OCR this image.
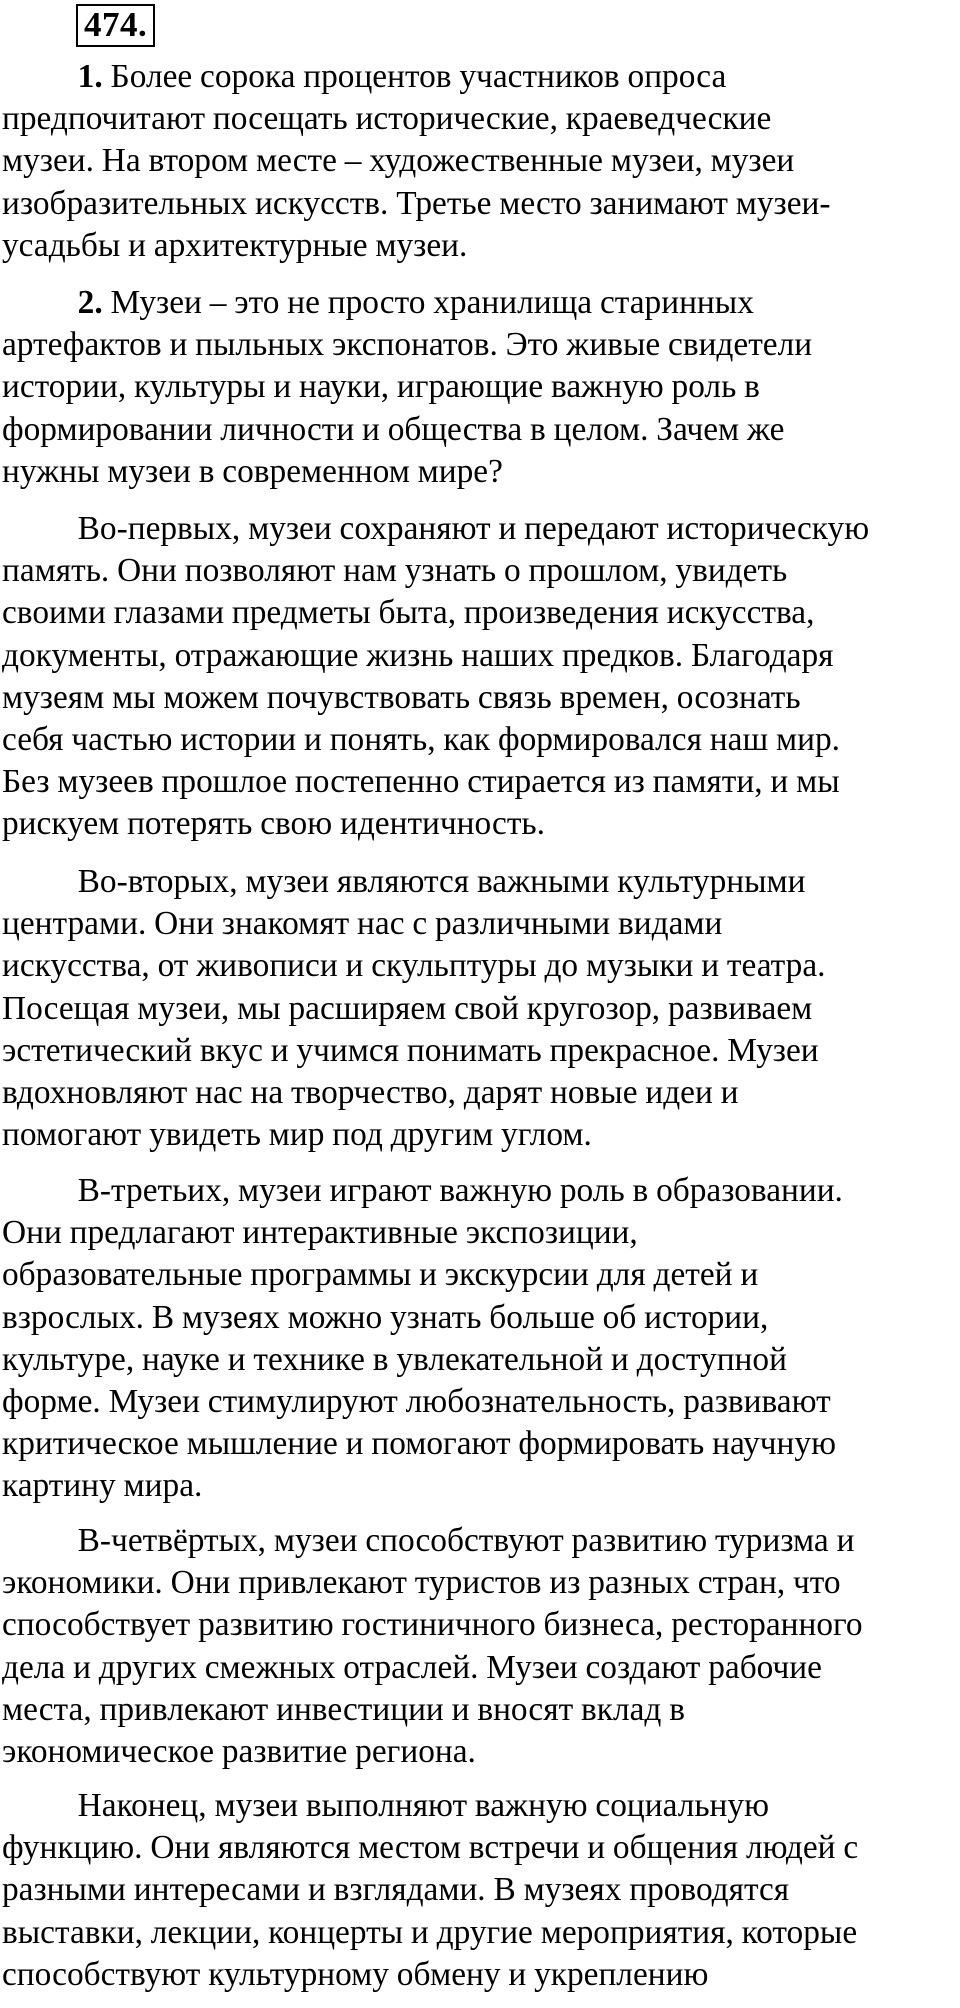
474.
1. Более сорока процентов участников опроса
предпочитают посещать исторические, краеведческие
музеи. На втором месте – художественные музеи, музеи
изобразительных искусств. Третье место занимают музеи-
усадьбы и архитектурные музеи.
2. Музеи – это не просто хранилища старинных
артефактов и пыльных экспонатов. Это живые свидетели
истории, культуры и науки, играющие важную роль в
формировании личности и общества в целом. Зачем же
нужны музеи в современном мире?
Во-первых, музеи сохраняют и передают историческую
память. Они позволяют нам узнать о прошлом, увидеть
своими глазами предметы быта, произведения искусства,
документы, отражающие жизнь наших предков. Благодаря
музеям мы можем почувствовать связь времен, осознать
себя частью истории и понять, как формировался наш мир.
Без музеев прошлое постепенно стирается из памяти, и мы
рискуем потерять свою идентичность.
Во-вторых, музеи являются важными культурными
центрами. Они знакомят нас с различными видами
искусства, от живописи и скульптуры до музыки и театра.
Посещая музеи, мы расширяем свой кругозор, развиваем
эстетический вкус и учимся понимать прекрасное. Музеи
вдохновляют нас на творчество, дарят новые идеи и
помогают увидеть мир под другим углом.
В-третьих, музеи играют важную роль в образовании.
Они предлагают интерактивные экспозиции,
образовательные программы и экскурсии для детей и
взрослых. В музеях можно узнать больше об истории,
культуре, науке и технике в увлекательной и доступной
форме. Музеи стимулируют любознательность, развивают
критическое мышление и помогают формировать научную
картину мира.
В-четвёртых, музеи способствуют развитию туризма и
экономики. Они привлекают туристов из разных стран, что
способствует развитию гостиничного бизнеса, ресторанного
дела и других смежных отраслей. Музеи создают рабочие
места, привлекают инвестиции и вносят вклад в
экономическое развитие региона.
Наконец, музеи выполняют важную социальную
функцию. Они являются местом встречи и общения людей с
разными интересами и взглядами. В музеях проводятся
выставки, лекции, концерты и другие мероприятия, которые
способствуют культурному обмену и укреплению
